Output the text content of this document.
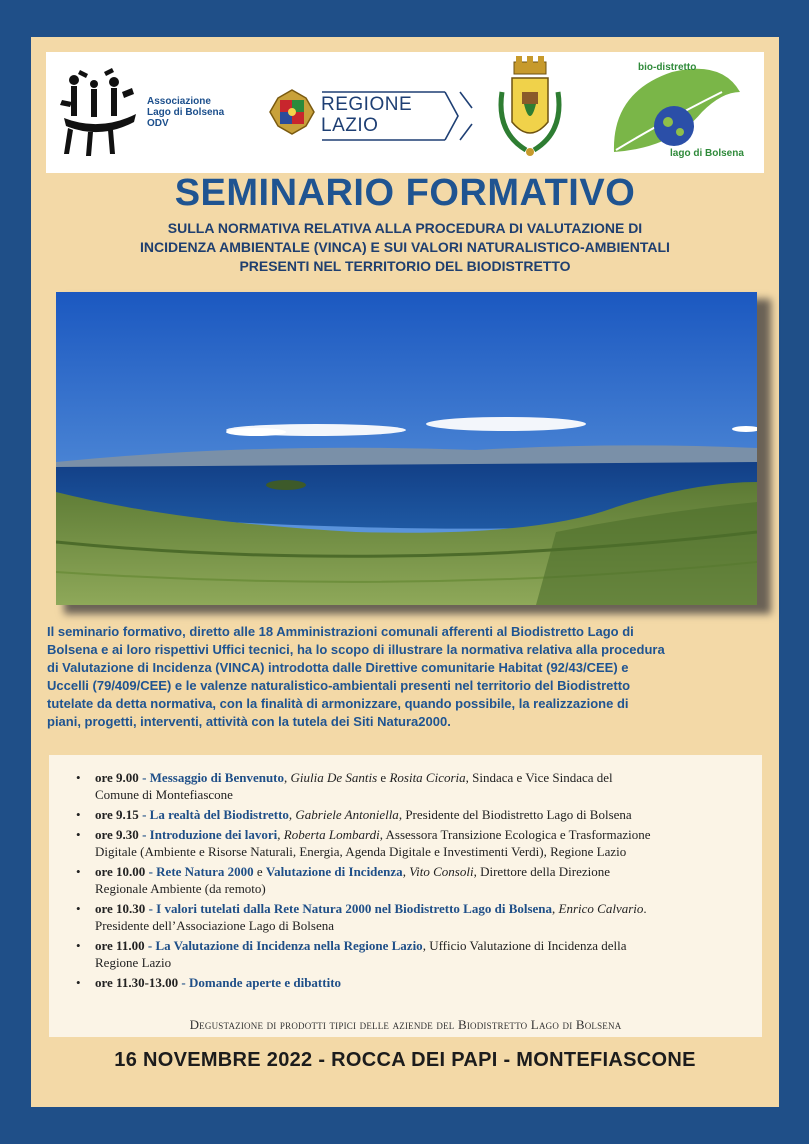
Associazione
Lago di Bolsena
ODV
REGIONE
LAZIO
bio-distretto
lago di Bolsena
SEMINARIO FORMATIVO
SULLA NORMATIVA RELATIVA ALLA PROCEDURA DI VALUTAZIONE DI
INCIDENZA AMBIENTALE (VINCA) E SUI VALORI NATURALISTICO-AMBIENTALI
PRESENTI NEL TERRITORIO DEL BIODISTRETTO
Il seminario formativo, diretto alle 18 Amministrazioni comunali afferenti al Biodistretto Lago di
Bolsena e ai loro rispettivi Uffici tecnici, ha lo scopo di illustrare la normativa relativa alla procedura
di Valutazione di Incidenza (VINCA) introdotta dalle Direttive comunitarie Habitat (92/43/CEE) e
Uccelli (79/409/CEE) e le valenze naturalistico-ambientali presenti nel territorio del Biodistretto
tutelate da detta normativa, con la finalità di armonizzare, quando possibile, la realizzazione di
piani, progetti, interventi, attività con la tutela dei Siti Natura2000.
• ore 9.00 - Messaggio di Benvenuto, Giulia De Santis e Rosita Cicoria, Sindaca e Vice Sindaca del
Comune di Montefiascone
• ore 9.15 - La realtà del Biodistretto, Gabriele Antoniella, Presidente del Biodistretto Lago di Bolsena
• ore 9.30 - Introduzione dei lavori, Roberta Lombardi, Assessora Transizione Ecologica e Trasformazione
Digitale (Ambiente e Risorse Naturali, Energia, Agenda Digitale e Investimenti Verdi), Regione Lazio
• ore 10.00 - Rete Natura 2000 e Valutazione di Incidenza, Vito Consoli, Direttore della Direzione
Regionale Ambiente (da remoto)
• ore 10.30 - I valori tutelati dalla Rete Natura 2000 nel Biodistretto Lago di Bolsena, Enrico Calvario.
Presidente dell’Associazione Lago di Bolsena
• ore 11.00 - La Valutazione di Incidenza nella Regione Lazio, Ufficio Valutazione di Incidenza della
Regione Lazio
• ore 11.30-13.00 - Domande aperte e dibattito
Degustazione di prodotti tipici delle aziende del Biodistretto Lago di Bolsena
16 NOVEMBRE 2022 - ROCCA DEI PAPI - MONTEFIASCONE
